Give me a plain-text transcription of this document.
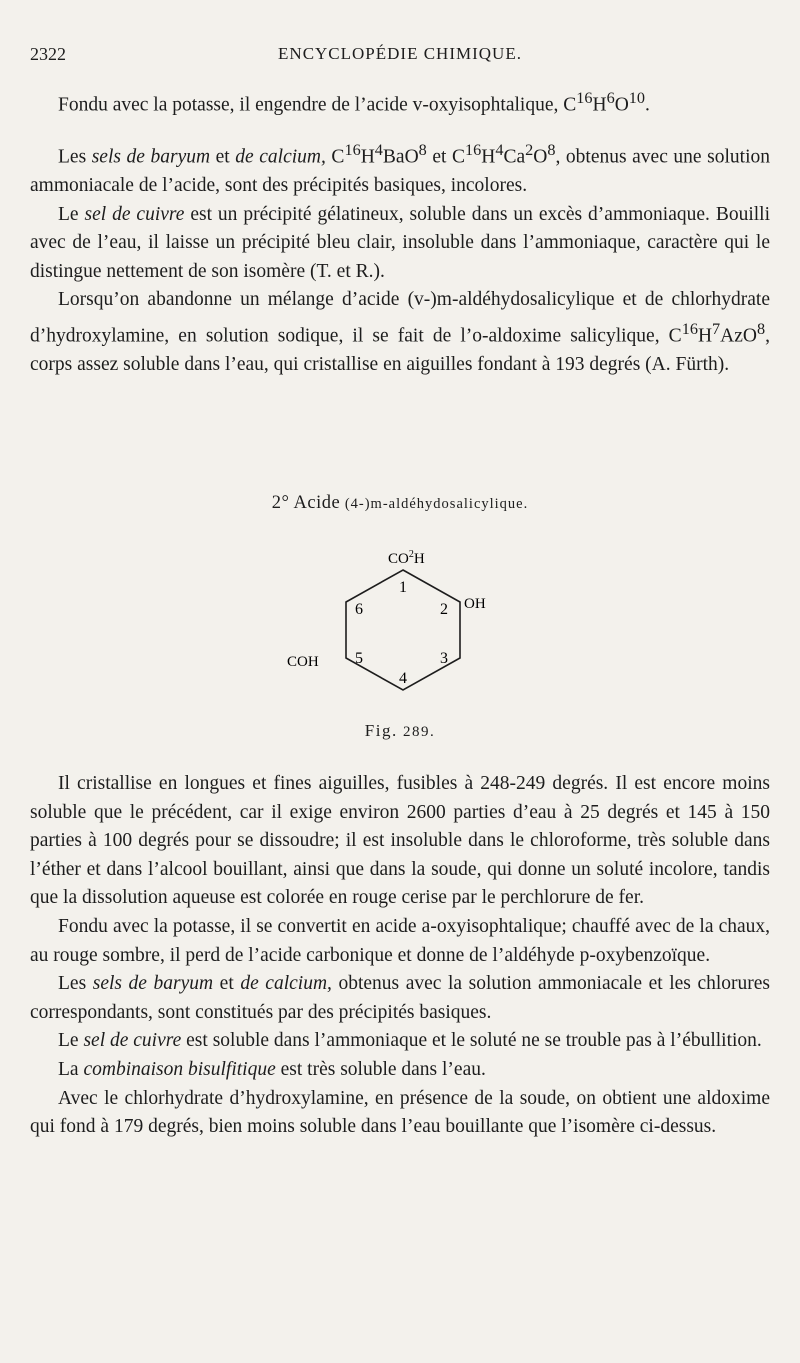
2322	ENCYCLOPÉDIE CHIMIQUE.

Fondu avec la potasse, il engendre de l’acide v-oxyisophtalique, $C^{16}H^6O^{10}$.

Les sels de baryum et de calcium, $C^{16}H^4BaO^8$ et $C^{16}H^4Ca^2O^8$, obtenus avec une solution ammoniacale de l’acide, sont des précipités basiques, incolores.

Le sel de cuivre est un précipité gélatineux, soluble dans un excès d’ammoniaque. Bouilli avec de l’eau, il laisse un précipité bleu clair, insoluble dans l’ammoniaque, caractère qui le distingue nettement de son isomère (T. et R.).

Lorsqu’on abandonne un mélange d’acide (v-)m-aldéhydosalicylique et de chlorhydrate d’hydroxylamine, en solution sodique, il se fait de l’o-aldoxime salicylique, $C^{16}H^7AzO^8$, corps assez soluble dans l’eau, qui cristallise en aiguilles fondant à 193 degrés (A. Fürth).

2° Acide (4-)m-aldéhydosalicylique.
$CO^2H$
OH
COH
1
2
3
4
5
6
Fig. 289.

Il cristallise en longues et fines aiguilles, fusibles à 248-249 degrés. Il est encore moins soluble que le précédent, car il exige environ 2600 parties d’eau à 25 degrés et 145 à 150 parties à 100 degrés pour se dissoudre; il est insoluble dans le chloroforme, très soluble dans l’éther et dans l’alcool bouillant, ainsi que dans la soude, qui donne un soluté incolore, tandis que la dissolution aqueuse est colorée en rouge cerise par le perchlorure de fer.

Fondu avec la potasse, il se convertit en acide a-oxyisophtalique; chauffé avec de la chaux, au rouge sombre, il perd de l’acide carbonique et donne de l’aldéhyde p-oxybenzoïque.

Les sels de baryum et de calcium, obtenus avec la solution ammoniacale et les chlorures correspondants, sont constitués par des précipités basiques.

Le sel de cuivre est soluble dans l’ammoniaque et le soluté ne se trouble pas à l’ébullition.

La combinaison bisulfitique est très soluble dans l’eau.

Avec le chlorhydrate d’hydroxylamine, en présence de la soude, on obtient une aldoxime qui fond à 179 degrés, bien moins soluble dans l’eau bouillante que l’isomère ci-dessus.
